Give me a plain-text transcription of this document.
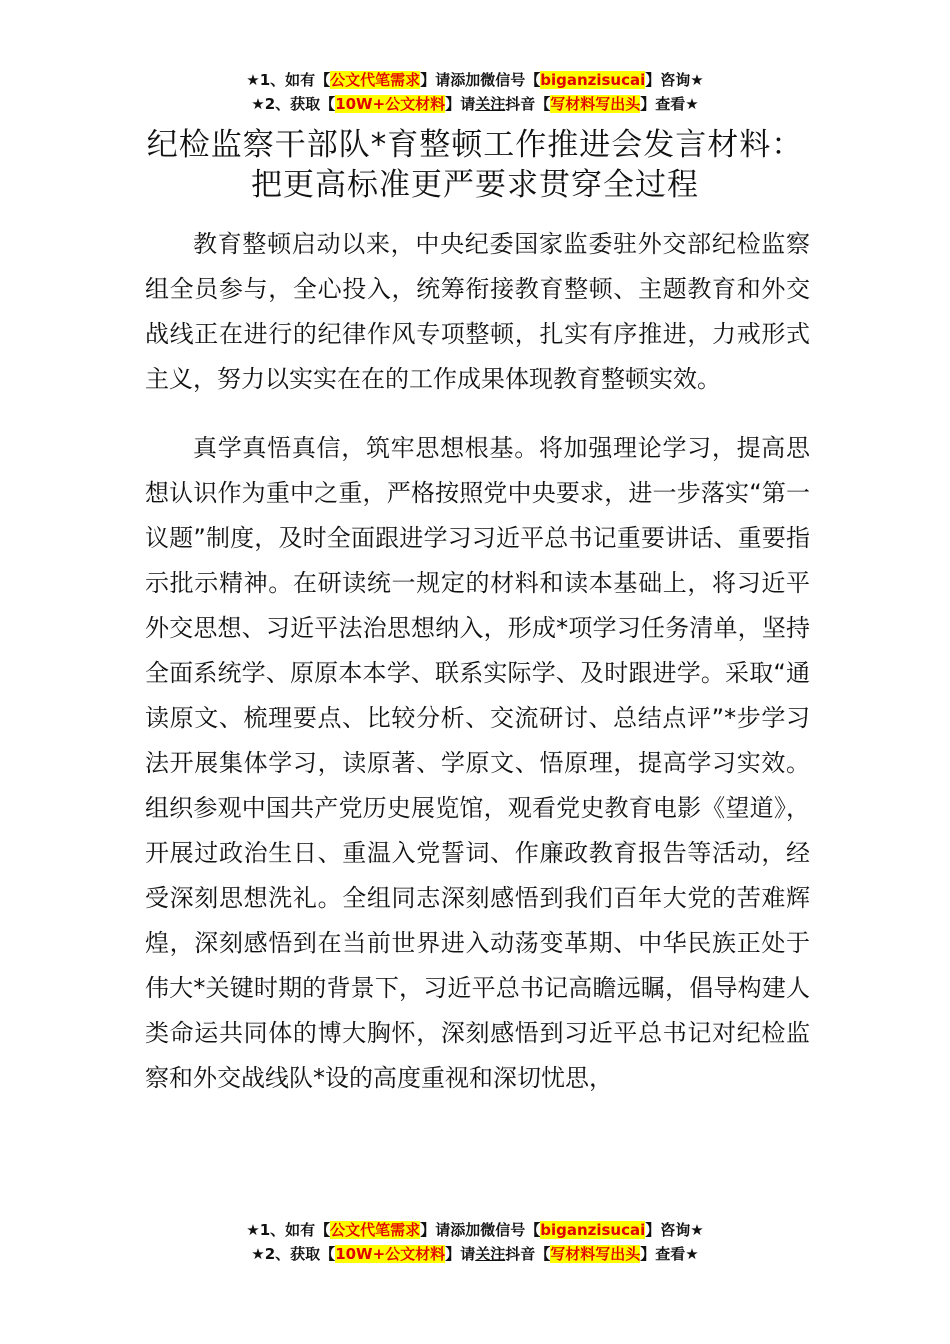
★1、如有【公文代笔需求】请添加微信号【biganzisucai】咨询★
★2、获取【10W+公文材料】请关注抖音【写材料写出头】查看★
纪检监察干部队*育整顿工作推进会发言材料：
把更高标准更严要求贯穿全过程

教育整顿启动以来，中央纪委国家监委驻外交部纪检监察组全员参与，全心投入，统筹衔接教育整顿、主题教育和外交战线正在进行的纪律作风专项整顿，扎实有序推进，力戒形式主义，努力以实实在在的工作成果体现教育整顿实效。

真学真悟真信，筑牢思想根基。将加强理论学习，提高思想认识作为重中之重，严格按照党中央要求，进一步落实“第一议题”制度，及时全面跟进学习习近平总书记重要讲话、重要指示批示精神。在研读统一规定的材料和读本基础上，将习近平外交思想、习近平法治思想纳入，形成*项学习任务清单，坚持全面系统学、原原本本学、联系实际学、及时跟进学。采取“通读原文、梳理要点、比较分析、交流研讨、总结点评”*步学习法开展集体学习，读原著、学原文、悟原理，提高学习实效。组织参观中国共产党历史展览馆，观看党史教育电影《望道》，开展过政治生日、重温入党誓词、作廉政教育报告等活动，经受深刻思想洗礼。全组同志深刻感悟到我们百年大党的苦难辉煌，深刻感悟到在当前世界进入动荡变革期、中华民族正处于伟大*关键时期的背景下，习近平总书记高瞻远瞩，倡导构建人类命运共同体的博大胸怀，深刻感悟到习近平总书记对纪检监察和外交战线队*设的高度重视和深切忧思，

★1、如有【公文代笔需求】请添加微信号【biganzisucai】咨询★
★2、获取【10W+公文材料】请关注抖音【写材料写出头】查看★
